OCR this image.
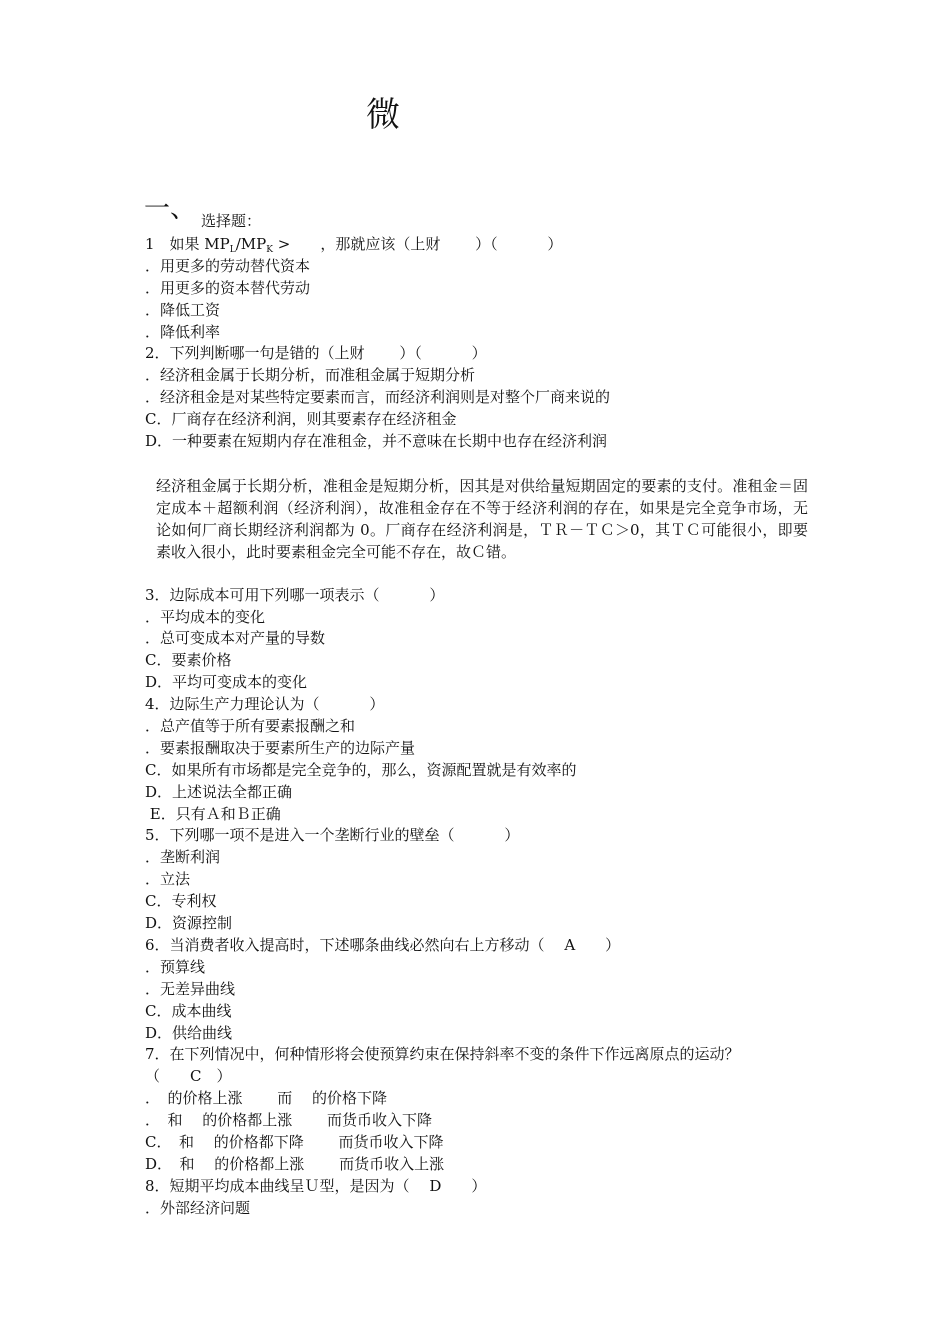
微
一、 选择题：
1　如果 $MP_L/MP_K$ >　　，那就应该（上财　　 ）（　　　 ）
．用更多的劳动替代资本
．用更多的资本替代劳动
．降低工资
．降低利率
2．下列判断哪一句是错的（上财　　 ）（　　　 ）
．经济租金属于长期分析，而准租金属于短期分析
．经济租金是对某些特定要素而言，而经济利润则是对整个厂商来说的
C．厂商存在经济利润，则其要素存在经济租金
D．一种要素在短期内存在准租金，并不意味在长期中也存在经济利润
经济租金属于长期分析，准租金是短期分析，因其是对供给量短期固定的要素的支付。准租金＝固定成本＋超额利润（经济利润），故准租金存在不等于经济利润的存在，如果是完全竞争市场，无论如何厂商长期经济利润都为 0。厂商存在经济利润是，ＴＲ－ＴＣ＞0，其ＴＣ可能很小，即要素收入很小，此时要素租金完全可能不存在，故Ｃ错。
3．边际成本可用下列哪一项表示（　　　 ）
．平均成本的变化
．总可变成本对产量的导数
C．要素价格
D．平均可变成本的变化
4．边际生产力理论认为（　　　 ）
．总产值等于所有要素报酬之和
．要素报酬取决于要素所生产的边际产量
C．如果所有市场都是完全竞争的，那么，资源配置就是有效率的
D．上述说法全都正确
E．只有Ａ和Ｂ正确
5．下列哪一项不是进入一个垄断行业的壁垒（　　　 ）
．垄断利润
．立法
C．专利权
D．资源控制
6．当消费者收入提高时，下述哪条曲线必然向右上方移动（　 A　　）
．预算线
．无差异曲线
C．成本曲线
D．供给曲线
7．在下列情况中，何种情形将会使预算约束在保持斜率不变的条件下作远离原点的运动？
（　　C　）
．　的价格上涨　　 而　 的价格下降
．　和　 的价格都上涨　　 而货币收入下降
C．　和　 的价格都下降　　 而货币收入下降
D．　和　 的价格都上涨　　 而货币收入上涨
8．短期平均成本曲线呈Ｕ型，是因为（　 D　　）
．外部经济问题
